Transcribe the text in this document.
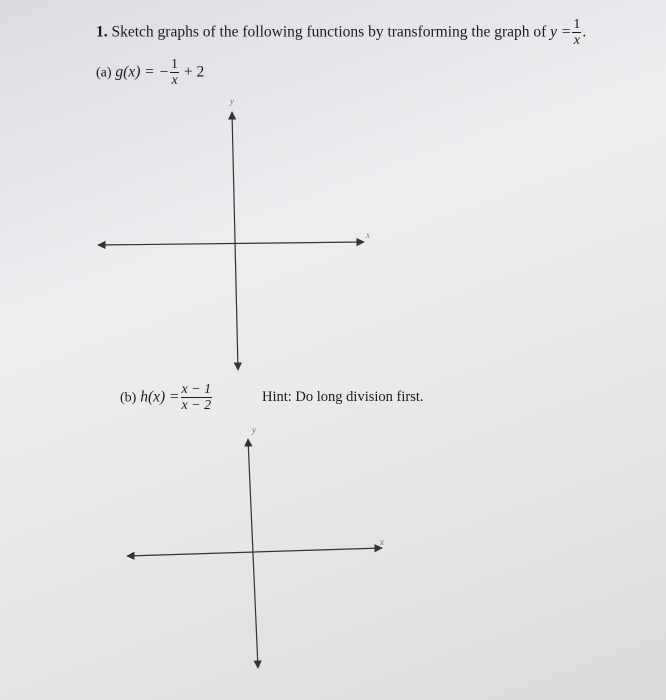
1. Sketch graphs of the following functions by transforming the graph of $y = \frac{1}{x}$ .
(a) g(x) = − $\frac{1}{x} + 2$
(b) $h(x) = \frac{x - 1}{x - 2}$	Hint: Do long division first.
y
x
y
x
